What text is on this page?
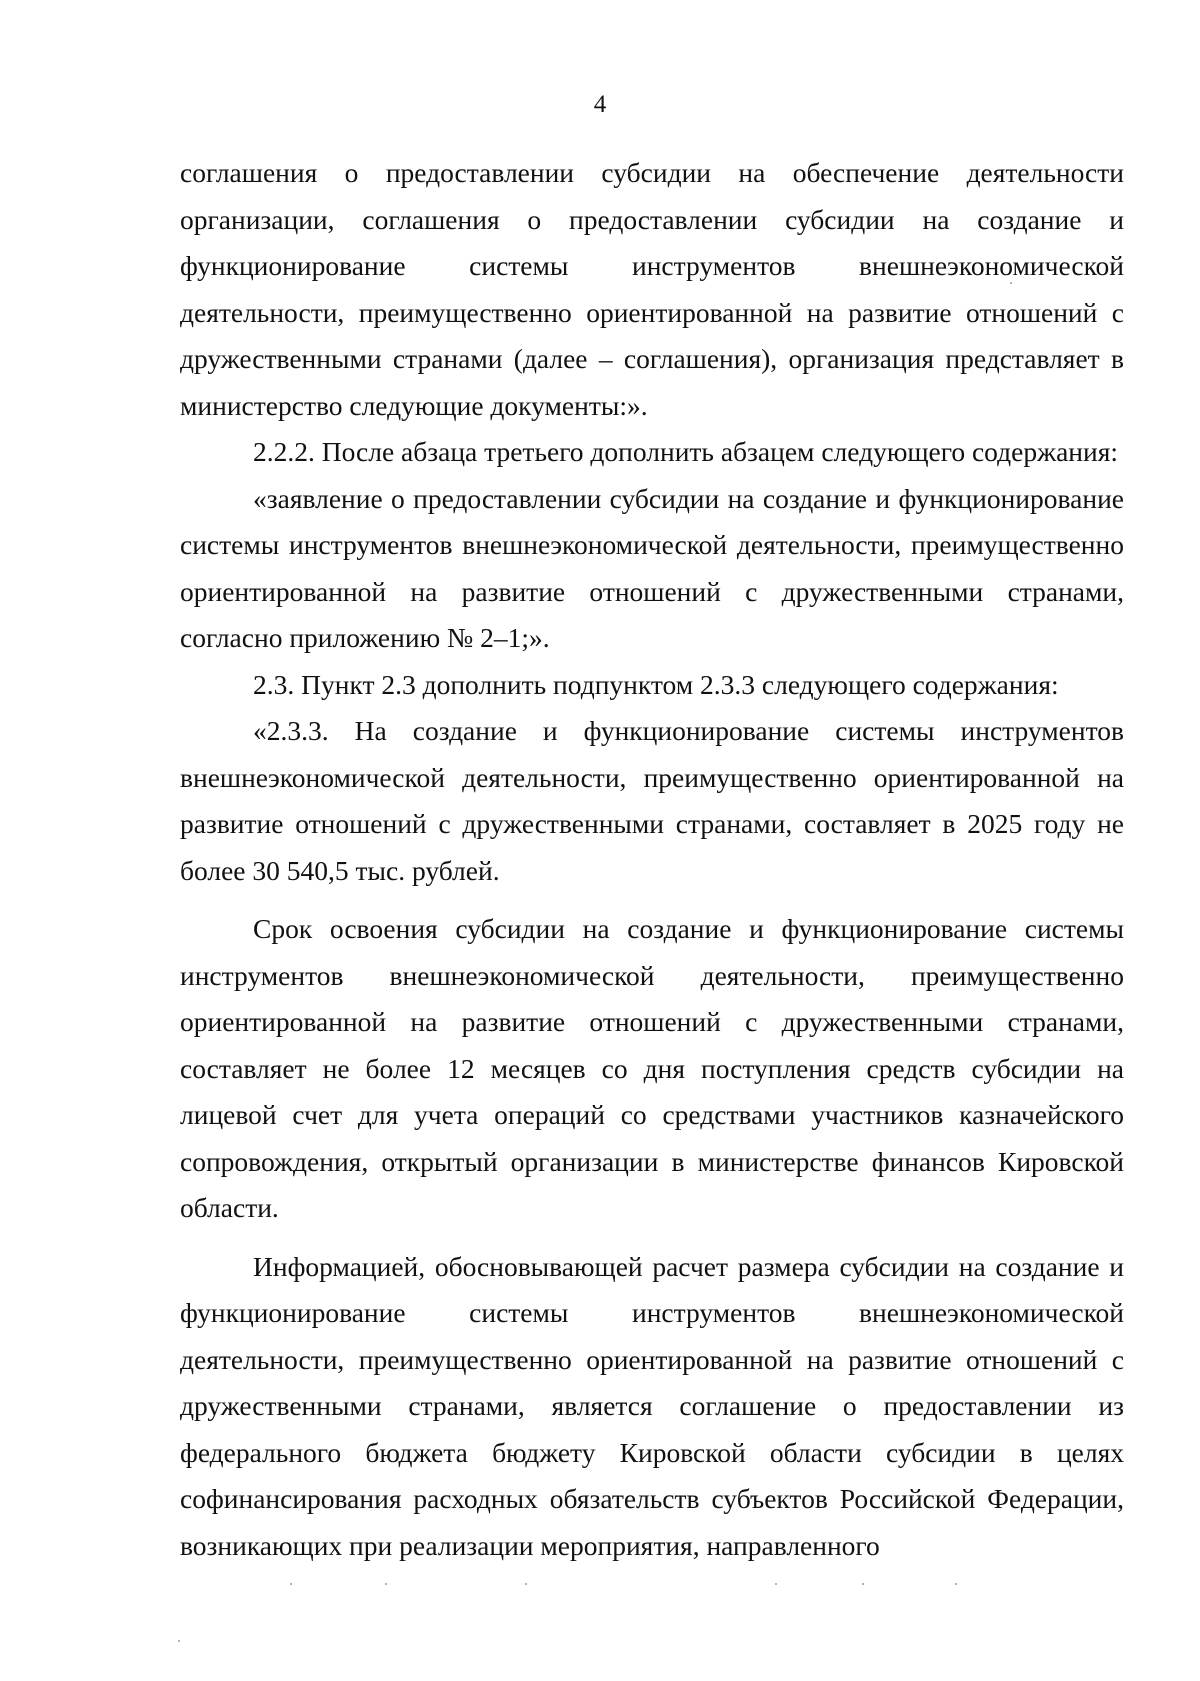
4

соглашения о предоставлении субсидии на обеспечение деятельности организации, соглашения о предоставлении субсидии на создание и функционирование системы инструментов внешнеэкономической деятельности, преимущественно ориентированной на развитие отношений с дружественными странами (далее – соглашения), организация представляет в министерство следующие документы:».

2.2.2. После абзаца третьего дополнить абзацем следующего содержания:

«заявление о предоставлении субсидии на создание и функционирование системы инструментов внешнеэкономической деятельности, преимущественно ориентированной на развитие отношений с дружественными странами, согласно приложению № 2–1;».

2.3. Пункт 2.3 дополнить подпунктом 2.3.3 следующего содержания:

«2.3.3. На создание и функционирование системы инструментов внешнеэкономической деятельности, преимущественно ориентированной на развитие отношений с дружественными странами, составляет в 2025 году не более 30 540,5 тыс. рублей.

Срок освоения субсидии на создание и функционирование системы инструментов внешнеэкономической деятельности, преимущественно ориентированной на развитие отношений с дружественными странами, составляет не более 12 месяцев со дня поступления средств субсидии на лицевой счет для учета операций со средствами участников казначейского сопровождения, открытый организации в министерстве финансов Кировской области.

Информацией, обосновывающей расчет размера субсидии на создание и функционирование системы инструментов внешнеэкономической деятельности, преимущественно ориентированной на развитие отношений с дружественными странами, является соглашение о предоставлении из федерального бюджета бюджету Кировской области субсидии в целях софинансирования расходных обязательств субъектов Российской Федерации, возникающих при реализации мероприятия, направленного
